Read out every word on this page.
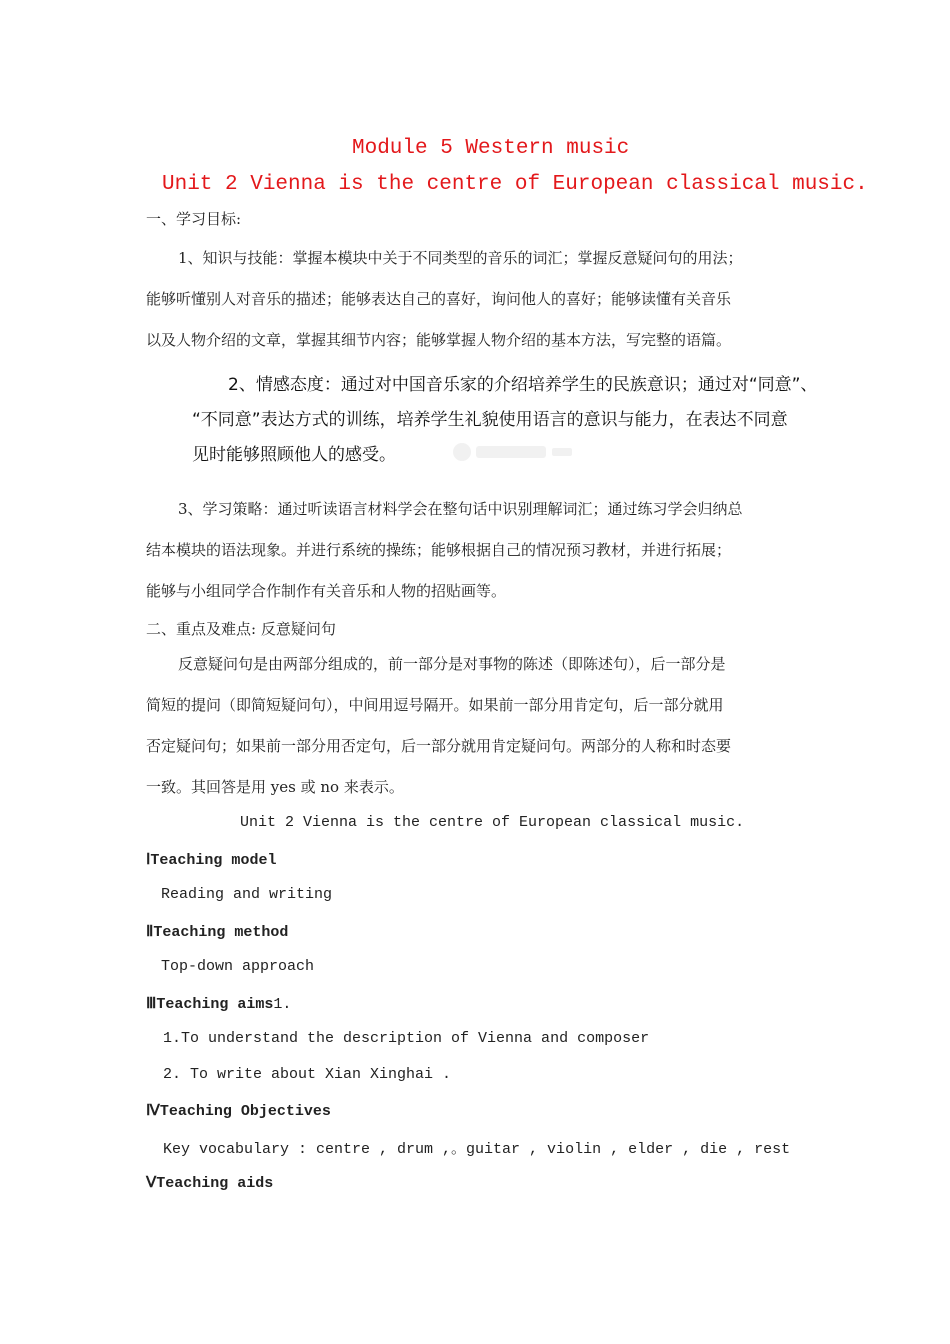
Module 5 Western music
Unit 2 Vienna is the centre of European classical music.
一、学习目标:
1、知识与技能：掌握本模块中关于不同类型的音乐的词汇；掌握反意疑问句的用法；
能够听懂别人对音乐的描述；能够表达自己的喜好，询问他人的喜好；能够读懂有关音乐
以及人物介绍的文章，掌握其细节内容；能够掌握人物介绍的基本方法，写完整的语篇。
2、情感态度：通过对中国音乐家的介绍培养学生的民族意识；通过对“同意”、
“不同意”表达方式的训练，培养学生礼貌使用语言的意识与能力，在表达不同意
见时能够照顾他人的感受。
3、学习策略：通过听读语言材料学会在整句话中识别理解词汇；通过练习学会归纳总
结本模块的语法现象。并进行系统的操练；能够根据自己的情况预习教材，并进行拓展；
能够与小组同学合作制作有关音乐和人物的招贴画等。
二、重点及难点: 反意疑问句
反意疑问句是由两部分组成的，前一部分是对事物的陈述（即陈述句），后一部分是
简短的提问（即简短疑问句），中间用逗号隔开。如果前一部分用肯定句，后一部分就用
否定疑问句；如果前一部分用否定句，后一部分就用肯定疑问句。两部分的人称和时态要
一致。其回答是用 yes 或 no 来表示。
Unit 2 Vienna is the centre of European classical music.
ⅠTeaching model
Reading and writing
ⅡTeaching method
Top-down approach
ⅢTeaching aims1.
1.To understand the description of Vienna and composer
2. To write about Xian Xinghai .
ⅣTeaching Objectives
Key vocabulary : centre , drum ,。guitar , violin , elder , die , rest
ⅤTeaching aids
